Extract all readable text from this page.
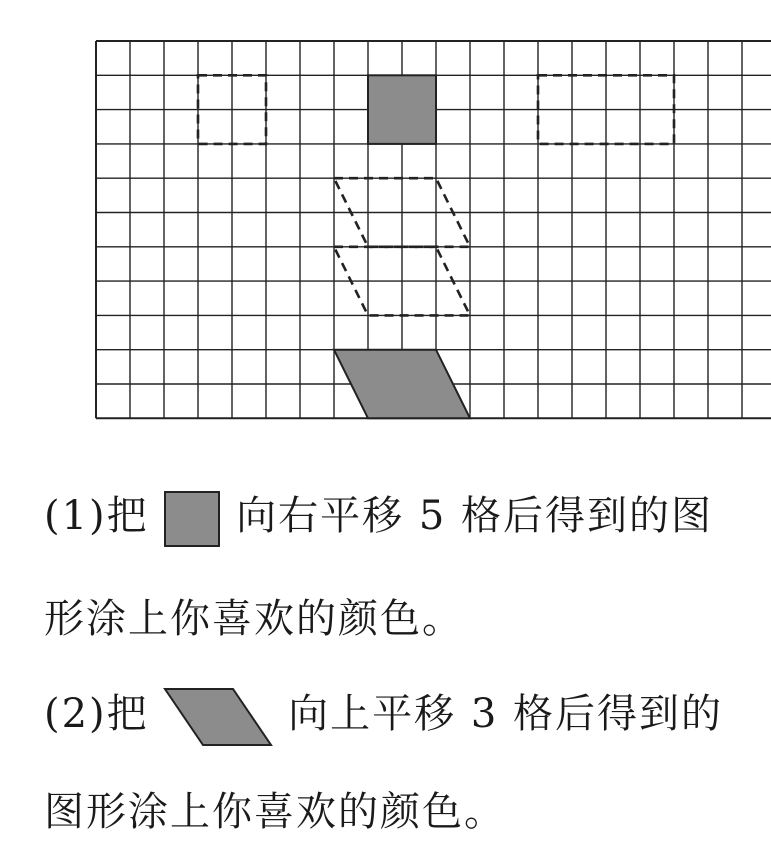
(1)把 向右平移 5 格后得到的图
形涂上你喜欢的颜色。
(2)把	向上平移 3 格后得到的
图形涂上你喜欢的颜色。
